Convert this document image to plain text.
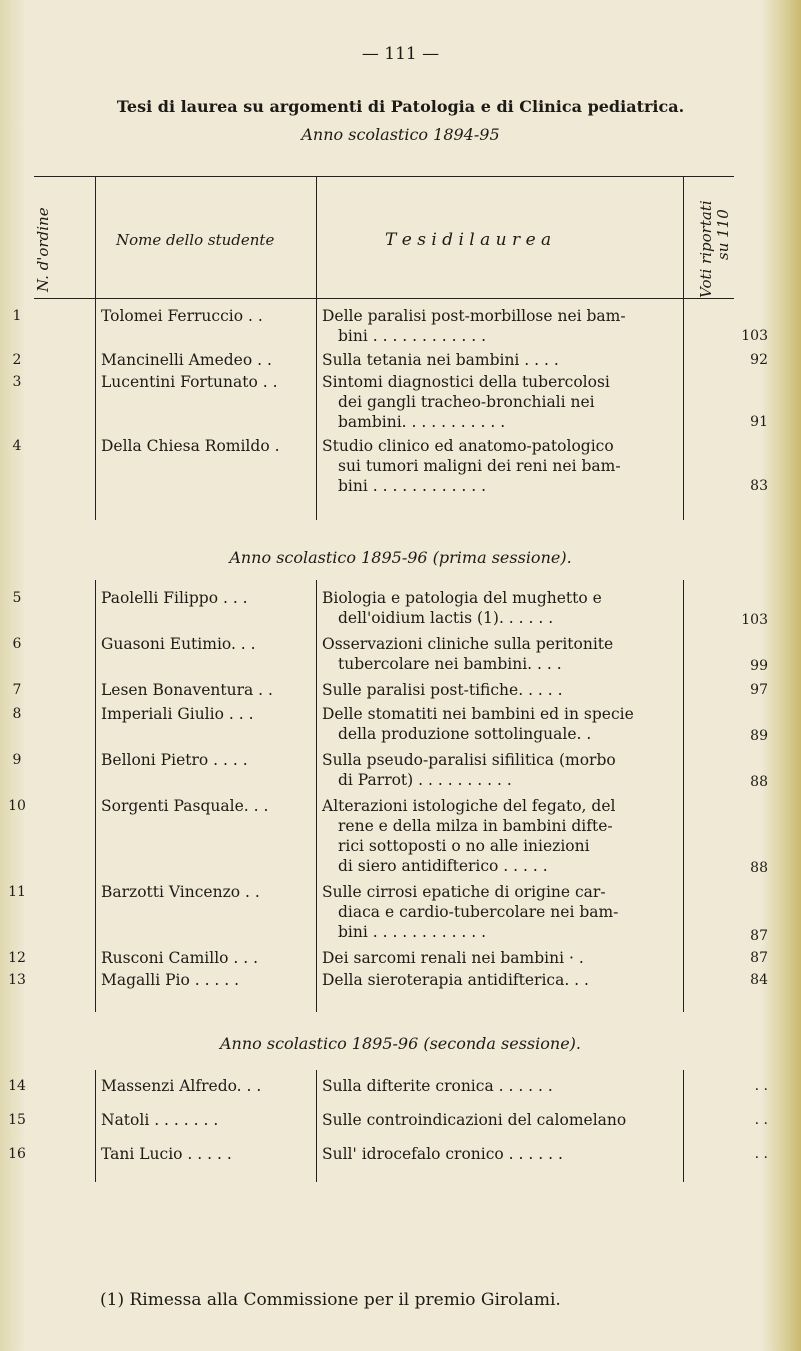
— 111 —
Tesi di laurea su argomenti di Patologia e di Clinica pediatrica.
Anno scolastico 1894-95
N. d'ordine	Nome dello studente	T e s i d i l a u r e a	Voti riportati su 110
1	Tolomei Ferruccio . .	Delle paralisi post-morbillose nei bam-
bini . . . . . . . . . . . .	103
2	Mancinelli Amedeo . .	Sulla tetania nei bambini . . . .	92
3	Lucentini Fortunato . .	Sintomi diagnostici della tubercolosi
dei gangli tracheo-bronchiali nei
bambini. . . . . . . . . . .	91
4	Della Chiesa Romildo .	Studio clinico ed anatomo-patologico
sui tumori maligni dei reni nei bam-
bini . . . . . . . . . . . .	83
Anno scolastico 1895-96 (prima sessione).
5	Paolelli Filippo . . .	Biologia e patologia del mughetto e
dell'oidium lactis (1). . . . . .	103
6	Guasoni Eutimio. . .	Osservazioni cliniche sulla peritonite
tubercolare nei bambini. . . .	99
7	Lesen Bonaventura . .	Sulle paralisi post-tifiche. . . . .	97
8	Imperiali Giulio . . .	Delle stomatiti nei bambini ed in specie
della produzione sottolinguale. .	89
9	Belloni Pietro . . . .	Sulla pseudo-paralisi sifilitica (morbo
di Parrot) . . . . . . . . . .	88
10	Sorgenti Pasquale. . .	Alterazioni istologiche del fegato, del
rene e della milza in bambini difte-
rici sottoposti o no alle iniezioni
di siero antidifterico . . . . .	88
11	Barzotti Vincenzo . .	Sulle cirrosi epatiche di origine car-
diaca e cardio-tubercolare nei bam-
bini . . . . . . . . . . . .	87
12	Rusconi Camillo . . .	Dei sarcomi renali nei bambini · .	87
13	Magalli Pio . . . . .	Della sieroterapia antidifterica. . .	84
Anno scolastico 1895-96 (seconda sessione).
14	Massenzi Alfredo. . .	Sulla difterite cronica . . . . . .	. .
15	Natoli . . . . . . .	Sulle controindicazioni del calomelano	. .
16	Tani Lucio . . . . .	Sull' idrocefalo cronico . . . . . .	. .
(1) Rimessa alla Commissione per il premio Girolami.
